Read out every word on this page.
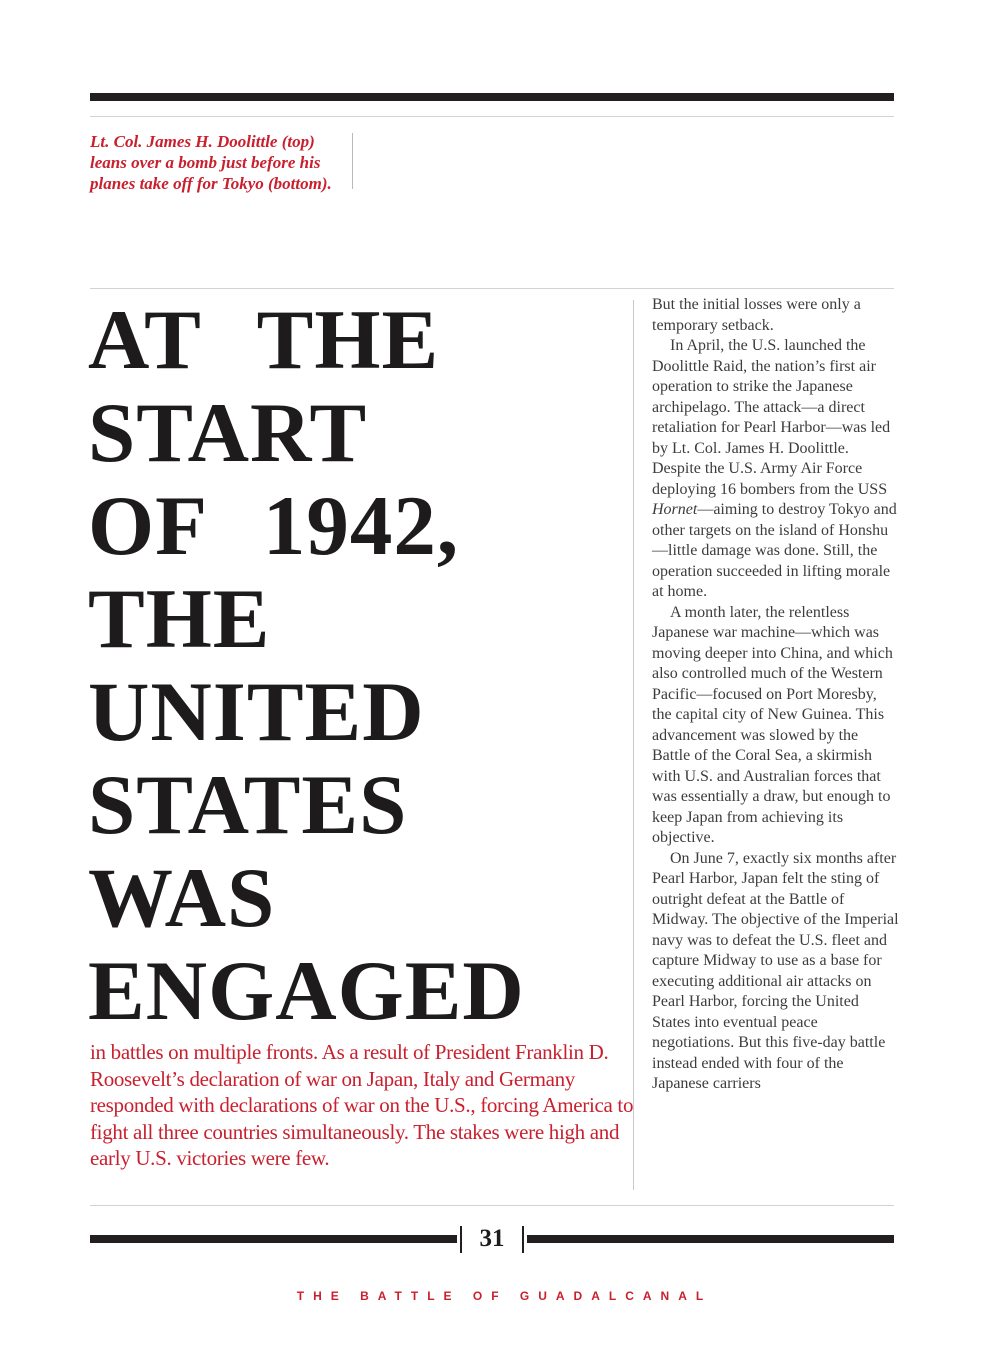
Lt. Col. James H. Doolittle (top)
leans over a bomb just before his
planes take off for Tokyo (bottom).
AT THE
START
OF 1942,
THE
UNITED
STATES
WAS
ENGAGED
in battles on multiple fronts. As a result of President Franklin D. Roosevelt’s declaration of war on Japan, Italy and Germany responded with declarations of war on the U.S., forcing America to fight all three countries simultaneously. The stakes were high and early U.S. victories were few.

But the initial losses were only a temporary setback.

In April, the U.S. launched the Doolittle Raid, the nation’s first air operation to strike the Japanese archipelago. The attack—a direct retaliation for Pearl Harbor—was led by Lt. Col. James H. Doolittle. Despite the U.S. Army Air Force deploying 16 bombers from the USS Hornet—aiming to destroy Tokyo and other targets on the island of Honshu—little damage was done. Still, the operation succeeded in lifting morale at home.

A month later, the relentless Japanese war machine—which was moving deeper into China, and which also controlled much of the Western Pacific—focused on Port Moresby, the capital city of New Guinea. This advancement was slowed by the Battle of the Coral Sea, a skirmish with U.S. and Australian forces that was essentially a draw, but enough to keep Japan from achieving its objective.

On June 7, exactly six months after Pearl Harbor, Japan felt the sting of outright defeat at the Battle of Midway. The objective of the Imperial navy was to defeat the U.S. fleet and capture Midway to use as a base for executing additional air attacks on Pearl Harbor, forcing the United States into eventual peace negotiations. But this five-day battle instead ended with four of the Japanese carriers

31
THE BATTLE OF GUADALCANAL
